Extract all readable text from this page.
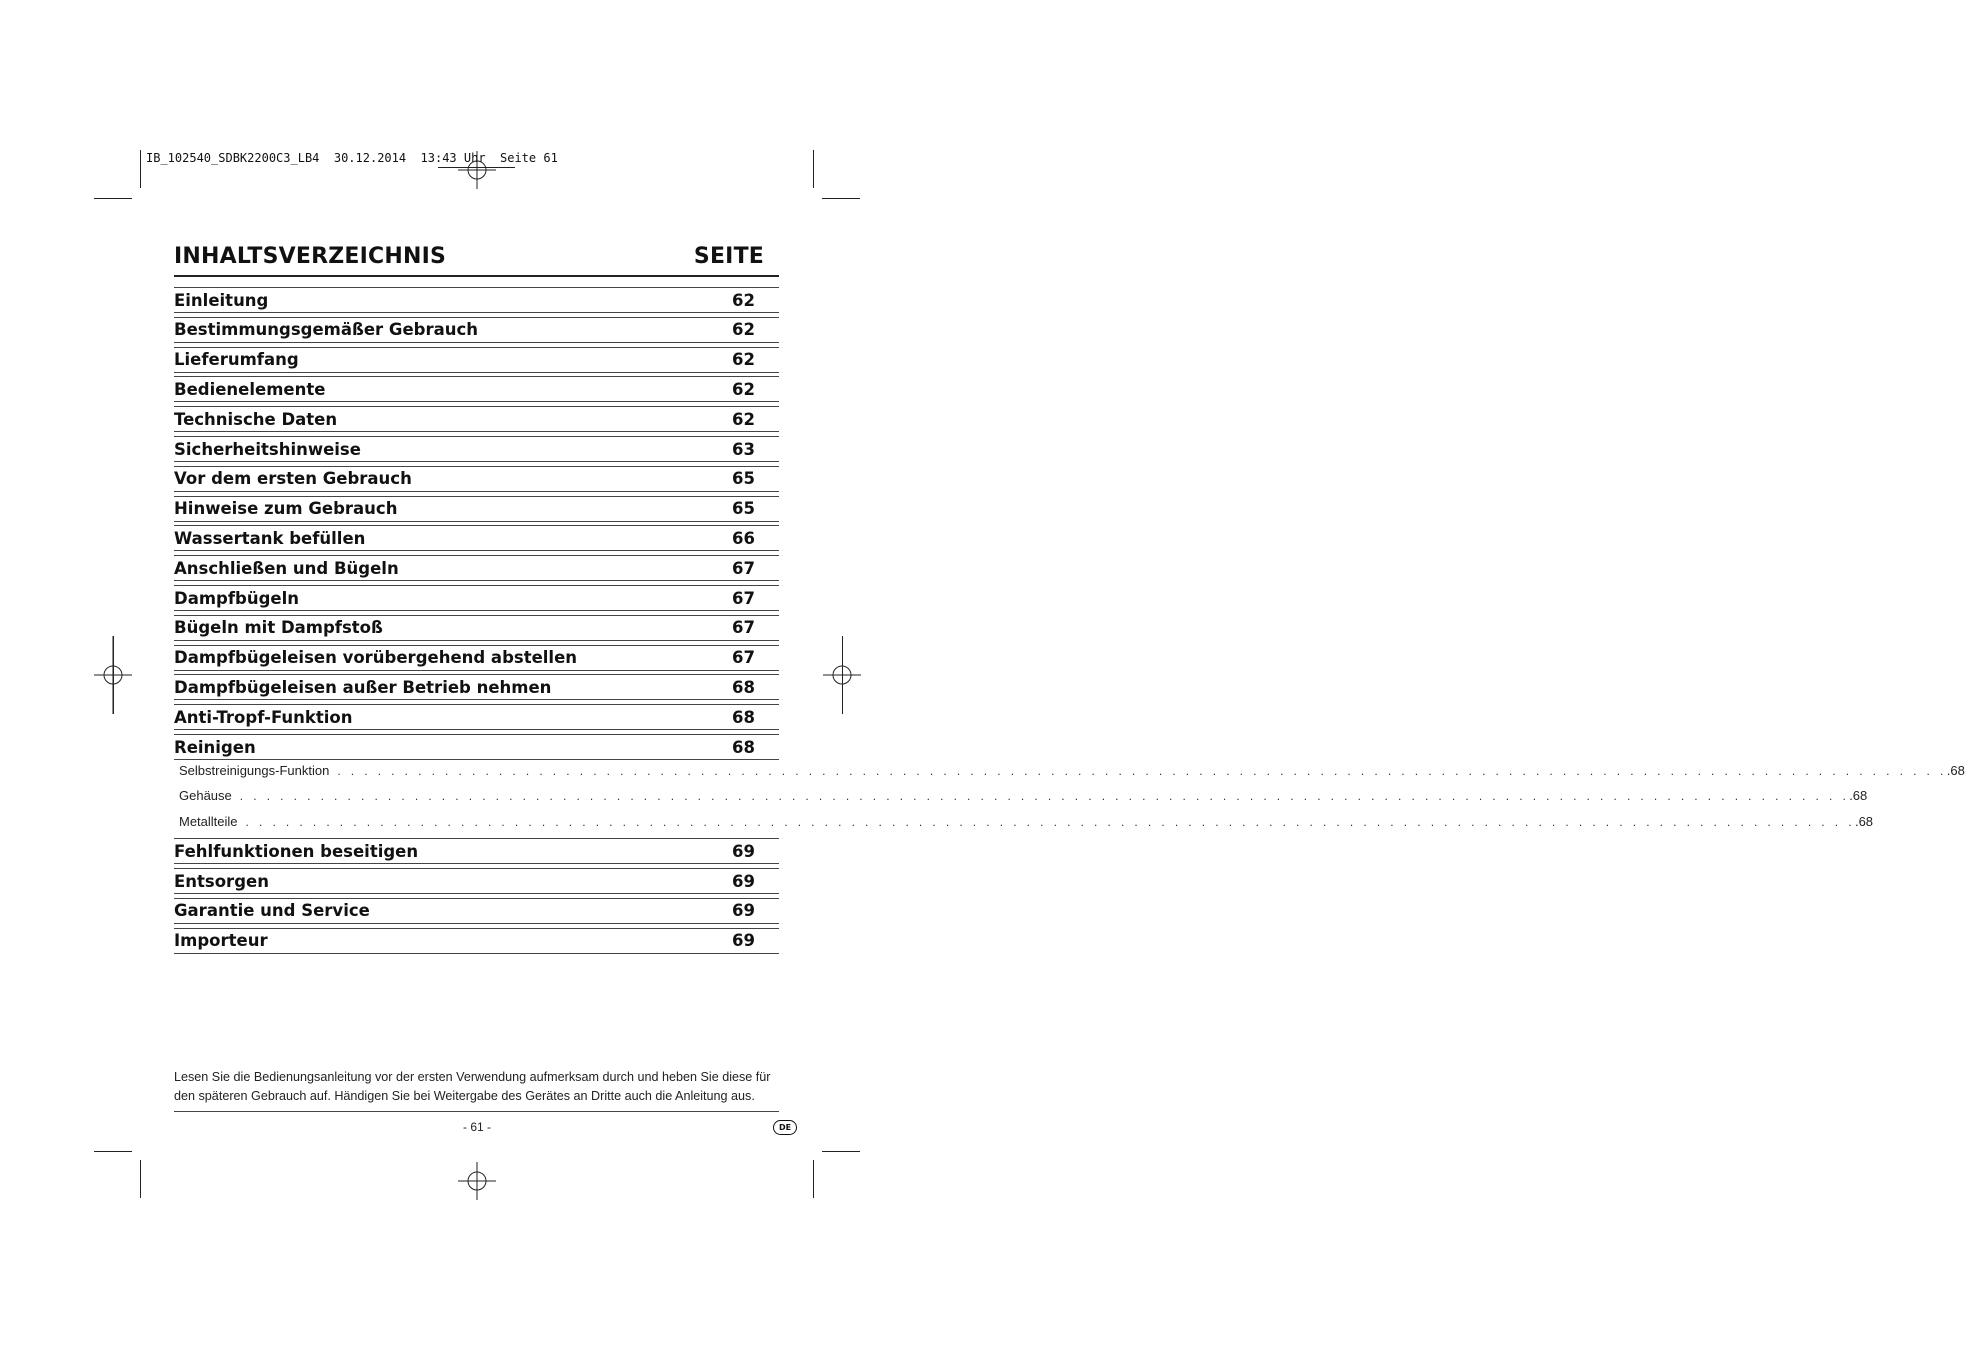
IB_102540_SDBK2200C3_LB4  30.12.2014  13:43 Uhr  Seite 61
INHALTSVERZEICHNIS	SEITE
Einleitung	62
Bestimmungsgemäßer Gebrauch	62
Lieferumfang	62
Bedienelemente	62
Technische Daten	62
Sicherheitshinweise	63
Vor dem ersten Gebrauch	65
Hinweise zum Gebrauch	65
Wassertank befüllen	66
Anschließen und Bügeln	67
Dampfbügeln	67
Bügeln mit Dampfstoß	67
Dampfbügeleisen vorübergehend abstellen	67
Dampfbügeleisen außer Betrieb nehmen	68
Anti-Tropf-Funktion	68
Reinigen	68
Selbstreinigungs-Funktion . . . . . . . . . . . . . . . . . . . . . . . . . . . . . . . . . . . . . . . . . . . . . . . . . . . . . . . . . . . . . . . . . . . . . . . . . . . . . . . . . . . . . . . . . . . . . . . . . . . . . . . . . . . . . . . . . . . . . . . . .68
Gehäuse . . . . . . . . . . . . . . . . . . . . . . . . . . . . . . . . . . . . . . . . . . . . . . . . . . . . . . . . . . . . . . . . . . . . . . . . . . . . . . . . . . . . . . . . . . . . . . . . . . . . . . . . . . . . . . . . . . . . . . . . .68
Metallteile . . . . . . . . . . . . . . . . . . . . . . . . . . . . . . . . . . . . . . . . . . . . . . . . . . . . . . . . . . . . . . . . . . . . . . . . . . . . . . . . . . . . . . . . . . . . . . . . . . . . . . . . . . . . . . . . . . . . . . . . .68
Fehlfunktionen beseitigen	69
Entsorgen	69
Garantie und Service	69
Importeur	69
Lesen Sie die Bedienungsanleitung vor der ersten Verwendung aufmerksam durch und heben Sie diese für
den späteren Gebrauch auf. Händigen Sie bei Weitergabe des Gerätes an Dritte auch die Anleitung aus.
- 61 -	DE
